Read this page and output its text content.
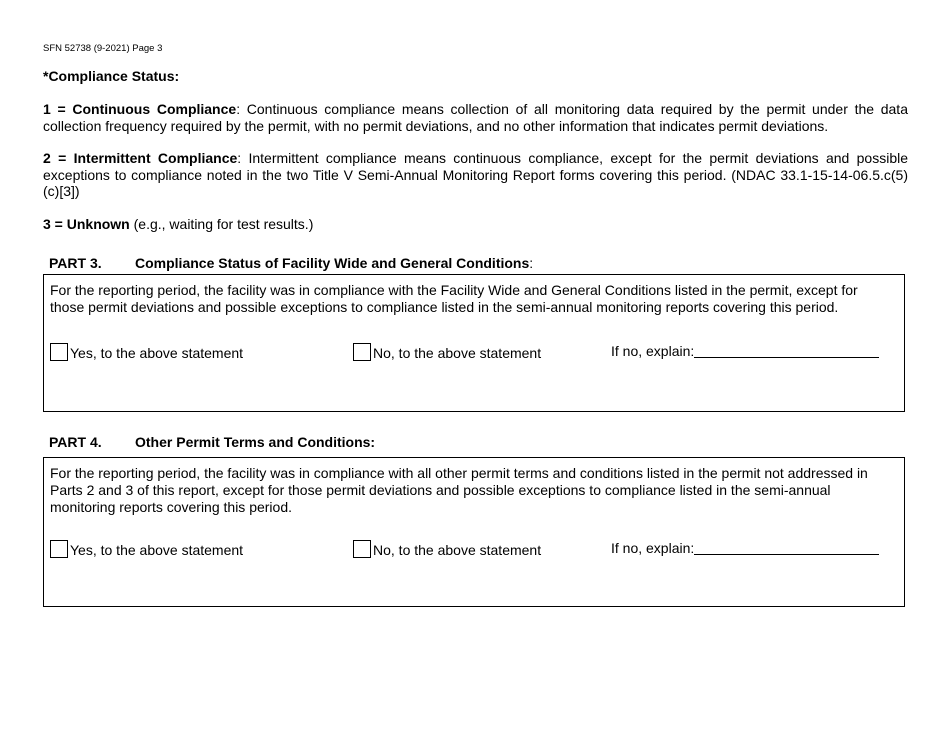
SFN 52738 (9-2021) Page 3
*Compliance Status:
1 = Continuous Compliance: Continuous compliance means collection of all monitoring data required by the permit under the data collection frequency required by the permit, with no permit deviations, and no other information that indicates permit deviations.
2 = Intermittent Compliance: Intermittent compliance means continuous compliance, except for the permit deviations and possible exceptions to compliance noted in the two Title V Semi-Annual Monitoring Report forms covering this period. (NDAC 33.1-15-14-06.5.c(5)(c)[3])
3 = Unknown (e.g., waiting for test results.)
PART 3. Compliance Status of Facility Wide and General Conditions:
For the reporting period, the facility was in compliance with the Facility Wide and General Conditions listed in the permit, except for those permit deviations and possible exceptions to compliance listed in the semi-annual monitoring reports covering this period.
Yes, to the above statement	No, to the above statement	If no, explain:
PART 4. Other Permit Terms and Conditions:
For the reporting period, the facility was in compliance with all other permit terms and conditions listed in the permit not addressed in Parts 2 and 3 of this report, except for those permit deviations and possible exceptions to compliance listed in the semi-annual monitoring reports covering this period.
Yes, to the above statement	No, to the above statement	If no, explain:
